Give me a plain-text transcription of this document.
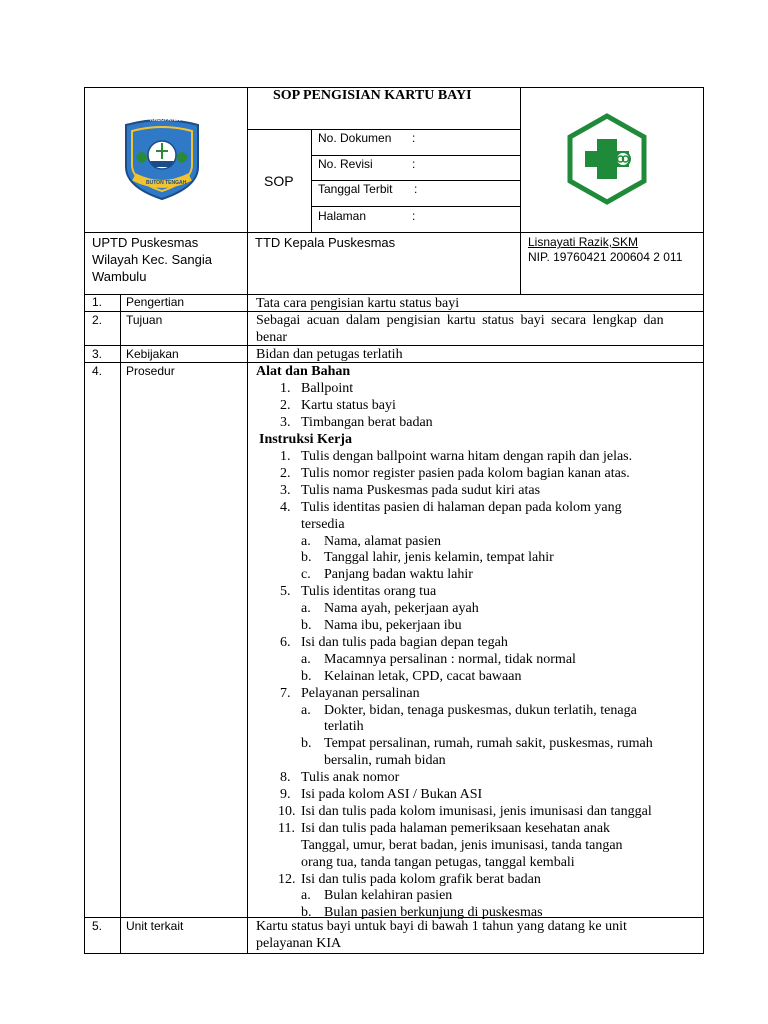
KABUPATEN
BUTON TENGAH
SOP PENGISIAN KARTU BAYI
SOP
No. Dokumen :
No. Revisi	:
Tanggal Terbit :
Halaman	:
UPTD Puskesmas
Wilayah Kec. Sangia
Wambulu
TTD Kepala Puskesmas	Lisnayati Razik,SKM
NIP. 19760421 200604 2 011
1. Pengertian	Tata cara pengisian kartu status bayi
2. Tujuan	Sebagai acuan dalam pengisian kartu status bayi secara lengkap dan
benar
3. Kebijakan	Bidan dan petugas terlatih
4. Prosedur	Alat dan Bahan
1. Ballpoint
2. Kartu status bayi
3. Timbangan berat badan
Instruksi Kerja
1. Tulis dengan ballpoint warna hitam dengan rapih dan jelas.
2. Tulis nomor register pasien pada kolom bagian kanan atas.
3. Tulis nama Puskesmas pada sudut kiri atas
4. Tulis identitas pasien di halaman depan pada kolom yang
tersedia
a. Nama, alamat pasien
b. Tanggal lahir, jenis kelamin, tempat lahir
c. Panjang badan waktu lahir
5. Tulis identitas orang tua
a. Nama ayah, pekerjaan ayah
b. Nama ibu, pekerjaan ibu
6. Isi dan tulis pada bagian depan tegah
a. Macamnya persalinan : normal, tidak normal
b. Kelainan letak, CPD, cacat bawaan
7. Pelayanan persalinan
a. Dokter, bidan, tenaga puskesmas, dukun terlatih, tenaga
terlatih
b. Tempat persalinan, rumah, rumah sakit, puskesmas, rumah
bersalin, rumah bidan
8. Tulis anak nomor
9. Isi pada kolom ASI / Bukan ASI
10. Isi dan tulis pada kolom imunisasi, jenis imunisasi dan tanggal
11. Isi dan tulis pada halaman pemeriksaan kesehatan anak
Tanggal, umur, berat badan, jenis imunisasi, tanda tangan
orang tua, tanda tangan petugas, tanggal kembali
12. Isi dan tulis pada kolom grafik berat badan
a. Bulan kelahiran pasien
b. Bulan pasien berkunjung di puskesmas
5. Unit terkait	Kartu status bayi untuk bayi di bawah 1 tahun yang datang ke unit
pelayanan KIA
